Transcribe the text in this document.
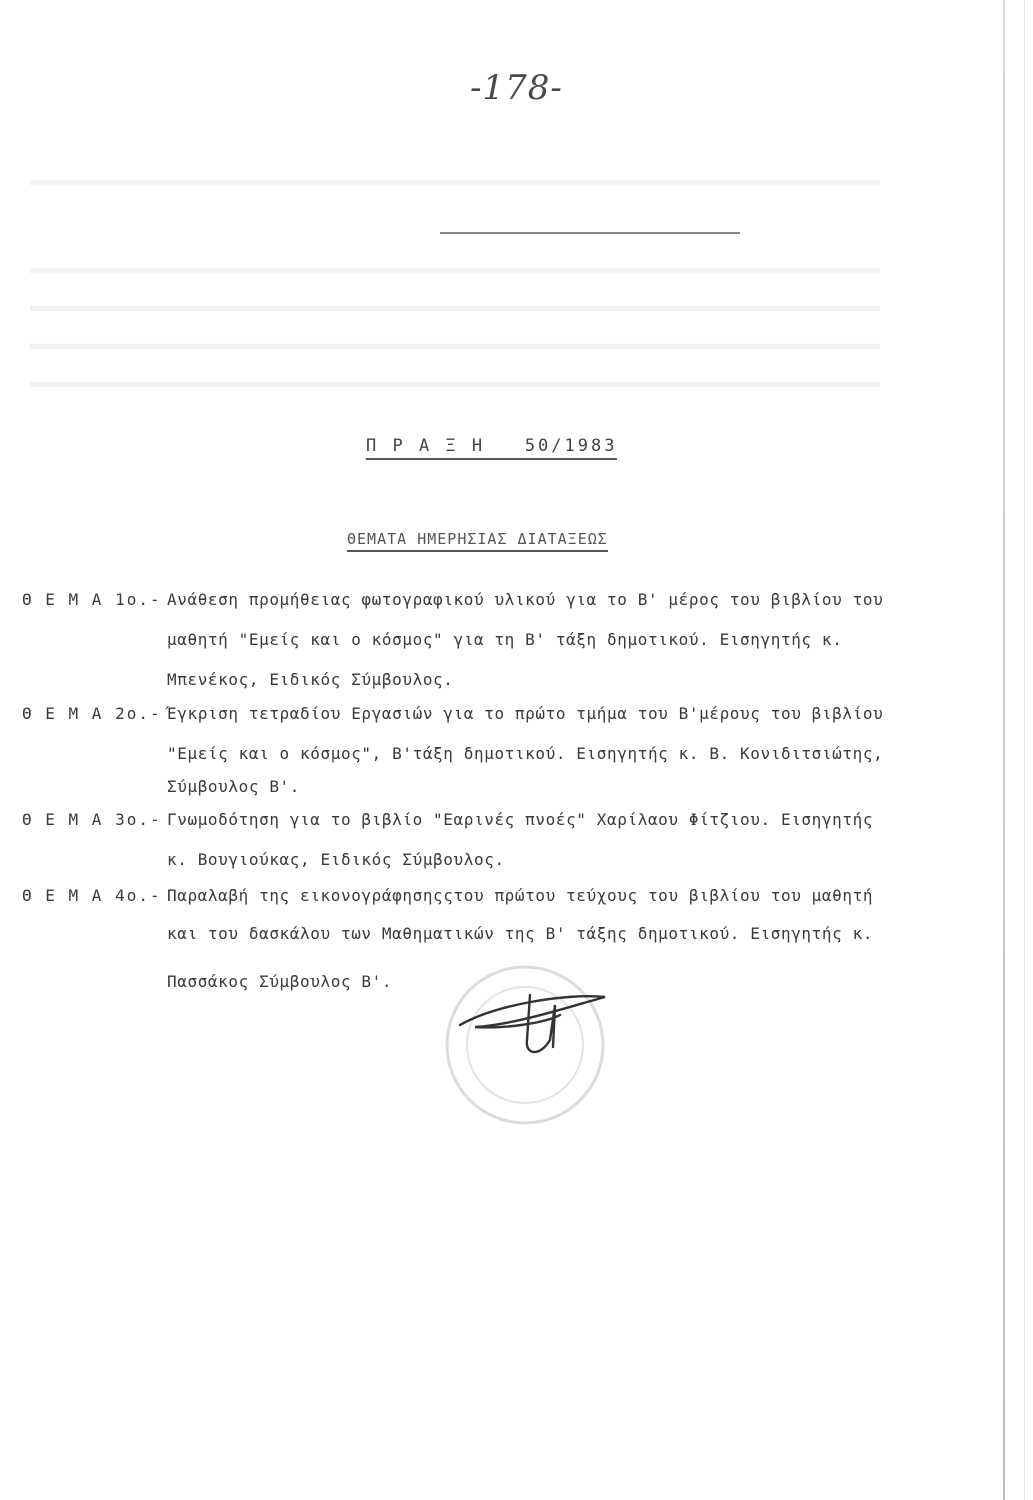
▬▬▬▬▬▬▬▬▬▬▬▬▬▬▬▬▬▬▬▬▬▬▬▬▬▬▬▬▬▬▬▬▬▬▬▬▬▬▬▬▬▬▬▬▬▬▬▬▬▬
▬▬▬▬▬▬▬▬▬▬▬▬▬▬▬▬▬▬▬▬▬▬▬▬▬▬▬▬▬▬▬▬▬▬▬▬▬▬▬▬▬▬▬▬▬▬▬▬▬▬
▬▬▬▬▬▬▬▬▬▬▬▬▬▬▬▬▬▬▬▬▬▬▬▬▬▬▬▬▬▬▬▬▬▬▬▬▬▬▬▬▬▬▬▬▬▬▬▬▬▬
▬▬▬▬▬▬▬▬▬▬▬▬▬▬▬▬▬▬▬▬▬▬▬▬▬▬▬▬▬▬▬▬▬▬▬▬▬▬▬▬▬▬▬▬▬▬▬▬▬▬
▬▬▬▬▬▬▬▬▬▬▬▬▬▬▬▬▬▬▬▬▬▬▬▬▬▬▬▬▬▬▬▬▬▬▬▬▬▬▬▬▬▬▬▬▬▬▬▬▬▬
-178-
Π Ρ Α Ξ Η   50/1983
ΘΕΜΑΤΑ ΗΜΕΡΗΣΙΑΣ ΔΙΑΤΑΞΕΩΣ
Θ Ε Μ Α 1ο.- Ανάθεση προμήθειας φωτογραφικού υλικού για το Β' μέρος του βιβλίου του
μαθητή "Εμείς και ο κόσμος" για τη Β' τάξη δημοτικού. Εισηγητής κ.
Μπενέκος, Ειδικός Σύμβουλος.
Θ Ε Μ Α 2ο.- Έγκριση τετραδίου Εργασιών για το πρώτο τμήμα του Β'μέρους του βιβλίου
"Εμείς και ο κόσμος", Β'τάξη δημοτικού. Εισηγητής κ. Β. Κονιδιτσιώτης,
Σύμβουλος Β'.
Θ Ε Μ Α 3ο.- Γνωμοδότηση για το βιβλίο "Εαρινές πνοές" Χαρίλαου Φίτζιου. Εισηγητής
κ. Βουγιούκας, Ειδικός Σύμβουλος.
Θ Ε Μ Α 4ο.- Παραλαβή της εικονογράφησηςςτου πρώτου τεύχους του βιβλίου του μαθητή
και του δασκάλου των Μαθηματικών της Β' τάξης δημοτικού. Εισηγητής κ.
Πασσάκος Σύμβουλος Β'.
